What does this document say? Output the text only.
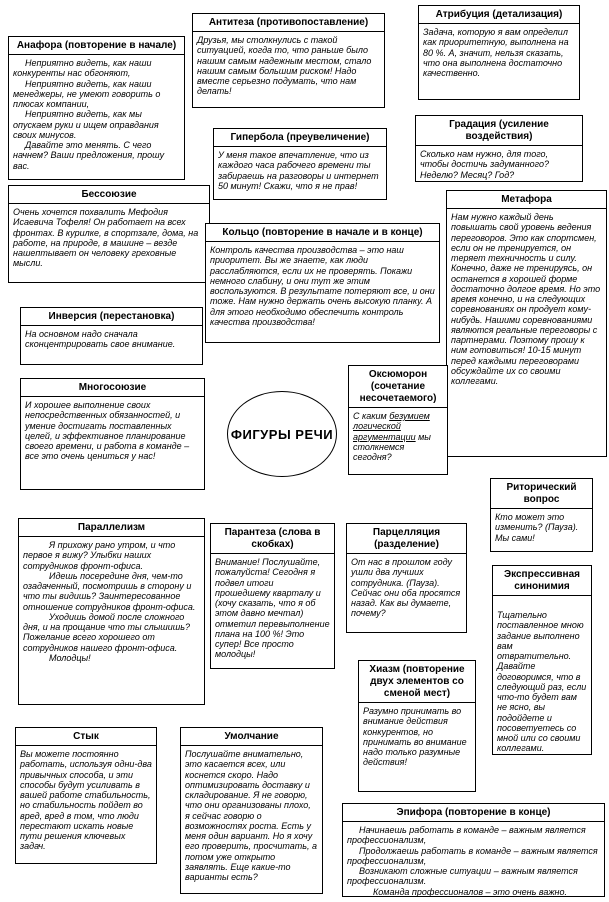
Анафора (повторение в начале)

Неприятно видеть, как наши конкуренты нас обгоняют,

Неприятно видеть, как наши менеджеры, не умеют говорить о плюсах компании,

Неприятно видеть, как мы опускаем руки и ищем оправдания своих минусов.

Давайте это менять. С чего начнем? Ваши предложения, прошу вас.

Антитеза (противопоставление)

Друзья, мы столкнулись с такой ситуацией, когда то, что раньше было нашим самым надежным местом, стало нашим самым большим риском! Надо вместе серьезно подумать, что нам делать!

Атрибуция (детализация)

Задача, которую я вам определил как приоритетную, выполнена на 80 %. А, значит, нельзя сказать, что она выполнена достаточно качественно.

Гипербола (преувеличение)

У меня такое впечатление, что из каждого часа рабочего времени ты забираешь на разговоры и интернет 50 минут! Скажи, что я не прав!

Градация (усиление воздействия)

Сколько нам нужно, для того, чтобы достичь задуманного? Неделю? Месяц? Год?

Бессоюзие

Очень хочется похвалить Мефодия Исаевича Тофеля! Он работает на всех фронтах. В курилке, в спортзале, дома, на работе, на природе, в машине – везде нашептывает он человеку греховные мысли.

Кольцо (повторение в начале и в конце)

Контроль качества производства – это наш приоритет. Вы же знаете, как люди расслабляются, если их не проверять. Покажи немного слабину, и они тут же этим воспользуются. В результате потеряют все, и они тоже. Нам нужно держать очень высокую планку. А для этого необходимо обеспечить контроль качества производства!

Метафора

Нам нужно каждый день повышать свой уровень ведения переговоров. Это как спортсмен, если он не тренируется, он теряет техничность и силу. Конечно, даже не тренируясь, он останется в хорошей форме достаточно долгое время. Но это время конечно, и на следующих соревнованиях он продует кому-нибудь. Нашими соревнованиями являются реальные переговоры с партнерами. Поэтому прошу к ним готовиться! 10-15 минут перед каждыми переговорами обсуждайте их со своими коллегами.

Инверсия (перестановка)

На основном надо сначала сконцентрировать свое внимание.

Многосоюзие

И хорошее выполнение своих непосредственных обязанностей, и умение достигать поставленных целей, и эффективное планирование своего времени, и работа в команде – все это очень цениться у нас!

ФИГУРЫ РЕЧИ
Оксюморон (сочетание несочетаемого)

С каким безумием логической аргументации мы столкнемся сегодня?

Риторический вопрос

Кто может это изменить? (Пауза). Мы сами!

Параллелизм

Я прихожу рано утром, и что первое я вижу? Улыбки наших сотрудников фронт-офиса.

Идешь посередине дня, чем-то озадаченный, посмотришь в сторону и что ты видишь? Заинтересованное отношение сотрудников фронт-офиса.

Уходишь домой после сложного дня, и на прощание что ты слышишь? Пожелание всего хорошего от сотрудников нашего фронт-офиса.

Молодцы!

Парантеза (слова в скобках)

Внимание! Послушайте, пожалуйста! Сегодня я подвел итоги прошедшему кварталу и (хочу сказать, что я об этом давно мечтал) отметил перевыполнение плана на 100 %! Это супер! Все просто молодцы!

Парцелляция (разделение)

От нас в прошлом году ушли два лучших сотрудника. (Пауза). Сейчас они оба просятся назад. Как вы думаете, почему?

Экспрессивная синонимия

Тщательно поставленное мною задание выполнено вам отвратительно. Давайте договоримся, что в следующий раз, если что-то будет вам не ясно, вы подойдете и посоветуетесь со мной или со своими коллегами.

Хиазм (повторение двух элементов со сменой мест)

Разумно принимать во внимание действия конкурентов, но принимать во внимание надо только разумные действия!

Стык

Вы можете постоянно работать, используя одни-два привычных способа, и эти способы будут усиливать в вашей работе стабильность, но стабильность пойдет во вред, вред в том, что люди перестают искать новые пути решения ключевых задач.

Умолчание

Послушайте внимательно, это касается всех, или коснется скоро. Надо оптимизировать доставку и складирование. Я не говорю, что они организованы плохо, я сейчас говорю о возможностях роста. Есть у меня один вариант. Но я хочу его проверить, просчитать, а потом уже открыто заявлять. Еще какие-то варианты есть?

Эпифора (повторение в конце)

Начинаешь работать в команде – важным является профессионализм,

Продолжаешь работать в команде – важным является профессионализм,

Возникают сложные ситуации – важным является профессионализм.

Команда профессионалов – это очень важно.
